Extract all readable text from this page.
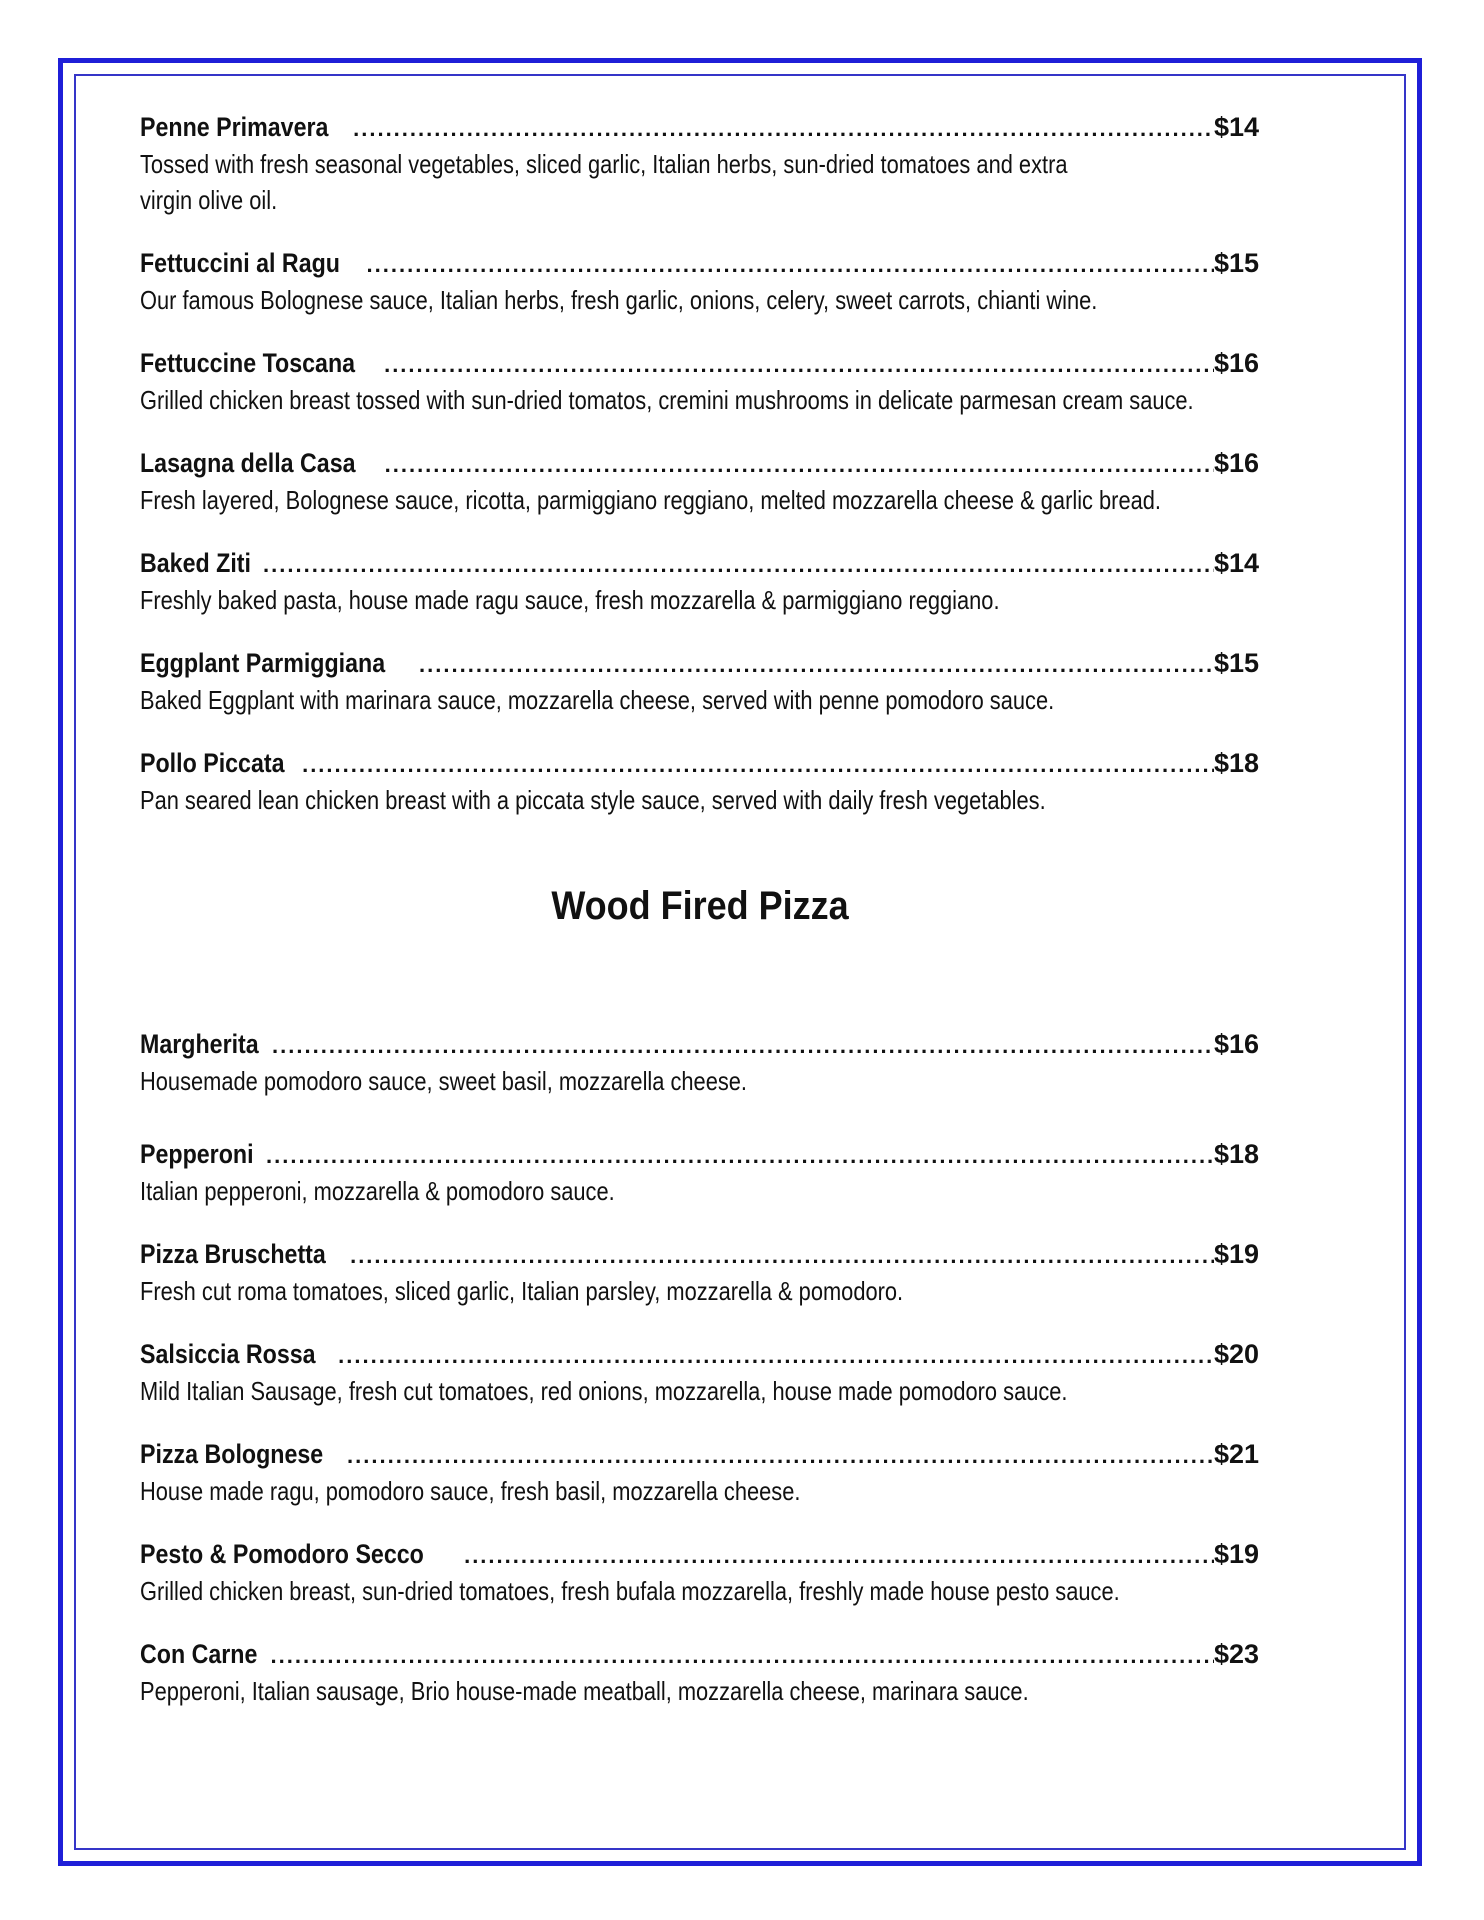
Penne Primavera .....	$14
Tossed with fresh seasonal vegetables, sliced garlic, Italian herbs, sun-dried tomatoes and extra virgin olive oil.
Fettuccini al Ragu .....	$15
Our famous Bolognese sauce, Italian herbs, fresh garlic, onions, celery, sweet carrots, chianti wine.
Fettuccine Toscana .....	$16
Grilled chicken breast tossed with sun-dried tomatos, cremini mushrooms in delicate parmesan cream sauce.
Lasagna della Casa .....	$16
Fresh layered, Bolognese sauce, ricotta, parmiggiano reggiano, melted mozzarella cheese & garlic bread.
Baked Ziti .....	$14
Freshly baked pasta, house made ragu sauce, fresh mozzarella & parmiggiano reggiano.
Eggplant Parmiggiana .....	$15
Baked Eggplant with marinara sauce, mozzarella cheese, served with penne pomodoro sauce.
Pollo Piccata .....	$18
Pan seared lean chicken breast with a piccata style sauce, served with daily fresh vegetables.
Wood Fired Pizza
Margherita .....	$16
Housemade pomodoro sauce, sweet basil, mozzarella cheese.
Pepperoni .....	$18
Italian pepperoni, mozzarella & pomodoro sauce.
Pizza Bruschetta .....	$19
Fresh cut roma tomatoes, sliced garlic, Italian parsley, mozzarella & pomodoro.
Salsiccia Rossa .....	$20
Mild Italian Sausage, fresh cut tomatoes, red onions, mozzarella, house made pomodoro sauce.
Pizza Bolognese .....	$21
House made ragu, pomodoro sauce, fresh basil, mozzarella cheese.
Pesto & Pomodoro Secco .....	$19
Grilled chicken breast, sun-dried tomatoes, fresh bufala mozzarella, freshly made house pesto sauce.
Con Carne .....	$23
Pepperoni, Italian sausage, Brio house-made meatball, mozzarella cheese, marinara sauce.
